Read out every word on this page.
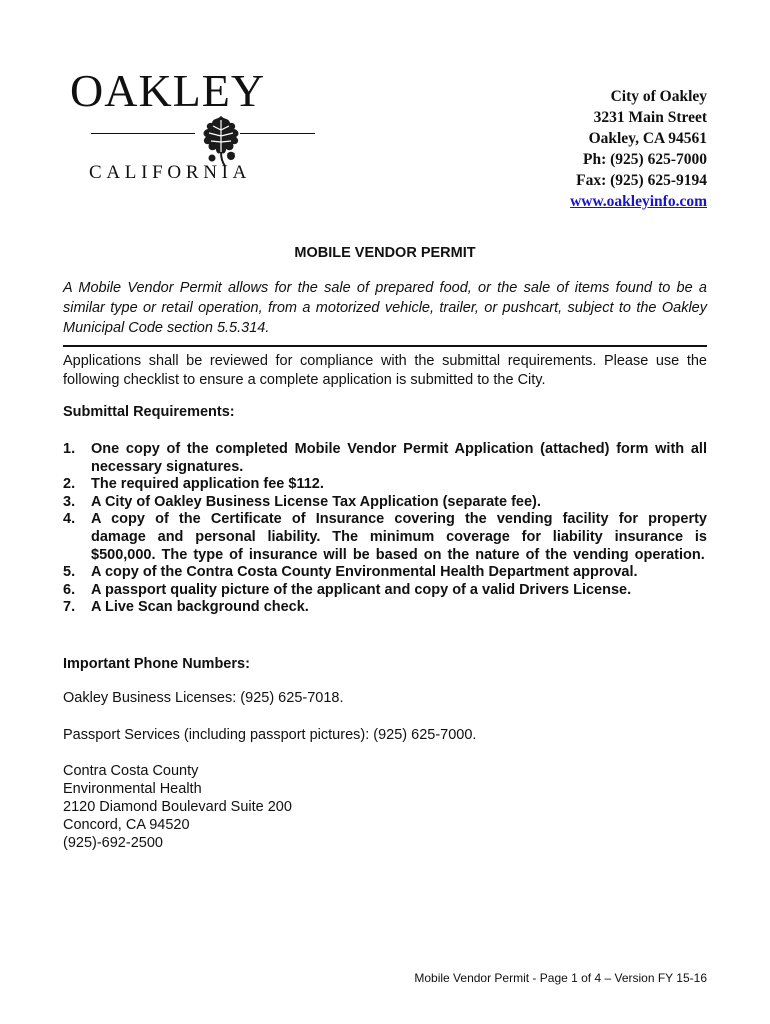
OAKLEY
CALIFORNIA
City of Oakley
3231 Main Street
Oakley, CA 94561
Ph: (925) 625-7000
Fax: (925) 625-9194
www.oakleyinfo.com
MOBILE VENDOR PERMIT
A Mobile Vendor Permit allows for the sale of prepared food, or the sale of items found to be a similar type or retail operation, from a motorized vehicle, trailer, or pushcart, subject to the Oakley Municipal Code section 5.5.314.
Applications shall be reviewed for compliance with the submittal requirements. Please use the following checklist to ensure a complete application is submitted to the City.
Submittal Requirements:
1. One copy of the completed Mobile Vendor Permit Application (attached) form with all necessary signatures.
2. The required application fee $112.
3. A City of Oakley Business License Tax Application (separate fee).
4. A copy of the Certificate of Insurance covering the vending facility for property damage and personal liability. The minimum coverage for liability insurance is $500,000. The type of insurance will be based on the nature of the vending operation.
5. A copy of the Contra Costa County Environmental Health Department approval.
6. A passport quality picture of the applicant and copy of a valid Drivers License.
7. A Live Scan background check.
Important Phone Numbers:
Oakley Business Licenses: (925) 625-7018.
Passport Services (including passport pictures): (925) 625-7000.
Contra Costa County
Environmental Health
2120 Diamond Boulevard Suite 200
Concord, CA 94520
(925)-692-2500
Mobile Vendor Permit - Page 1 of 4 – Version FY 15-16
